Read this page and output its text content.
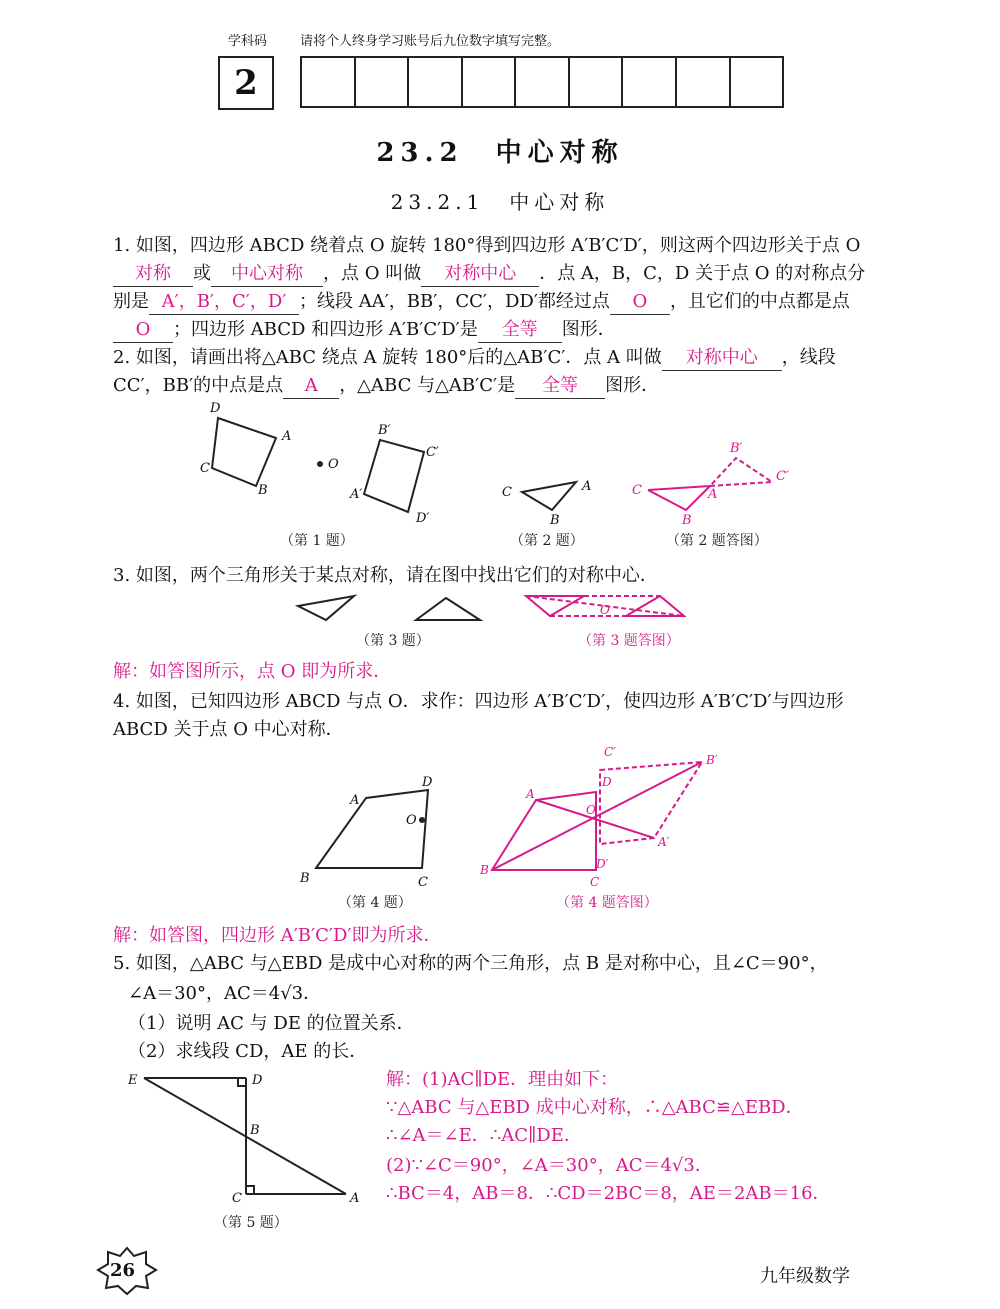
学科码	请将个人终身学习账号后九位数字填写完整。
2
23.2　中心对称
23.2.1　中心对称
1. 如图，四边形 ABCD 绕着点 O 旋转 180°得到四边形 A′B′C′D′，则这两个四边形关于点 O
对称 或 中心对称 ，点 O 叫做 对称中心 ．点 A，B，C，D 关于点 O 的对称点分
别是 A′，B′，C′，D′ ；线段 AA′，BB′，CC′，DD′都经过点 O ，且它们的中点都是点
O ；四边形 ABCD 和四边形 A′B′C′D′是 全等 图形．
2. 如图，请画出将△ABC 绕点 A 旋转 180°后的△AB′C′．点 A 叫做 对称中心 ，线段
CC′，BB′的中点是点 A ，△ABC 与△AB′C′是 全等 图形．
D
A
C
B
O
B′
C′
A′
D′
C	A
B
B′
C′
C	A
B
（第 1 题）	（第 2 题）	（第 2 题答图）
3. 如图，两个三角形关于某点对称，请在图中找出它们的对称中心．
O
（第 3 题）	（第 3 题答图）
解：如答图所示，点 O 即为所求．
4. 如图，已知四边形 ABCD 与点 O．求作：四边形 A′B′C′D′，使四边形 A′B′C′D′与四边形
ABCD 关于点 O 中心对称．
A
D
O
B	C
C′
D
B′
A
O
B	D′
A′
C
（第 4 题）	（第 4 题答图）
解：如答图，四边形 A′B′C′D′即为所求．
5. 如图，△ABC 与△EBD 是成中心对称的两个三角形，点 B 是对称中心，且∠C＝90°，
∠A＝30°，AC＝4√3．
（1）说明 AC 与 DE 的位置关系．
（2）求线段 CD，AE 的长．
E	D
B
C	A
（第 5 题）
解：(1)AC∥DE．理由如下：
∵△ABC 与△EBD 成中心对称，∴△ABC≌△EBD．
∴∠A＝∠E．∴AC∥DE．
(2)∵∠C＝90°，∠A＝30°，AC＝4√3．
∴BC＝4，AB＝8．∴CD＝2BC＝8，AE＝2AB＝16．
26	九年级数学
